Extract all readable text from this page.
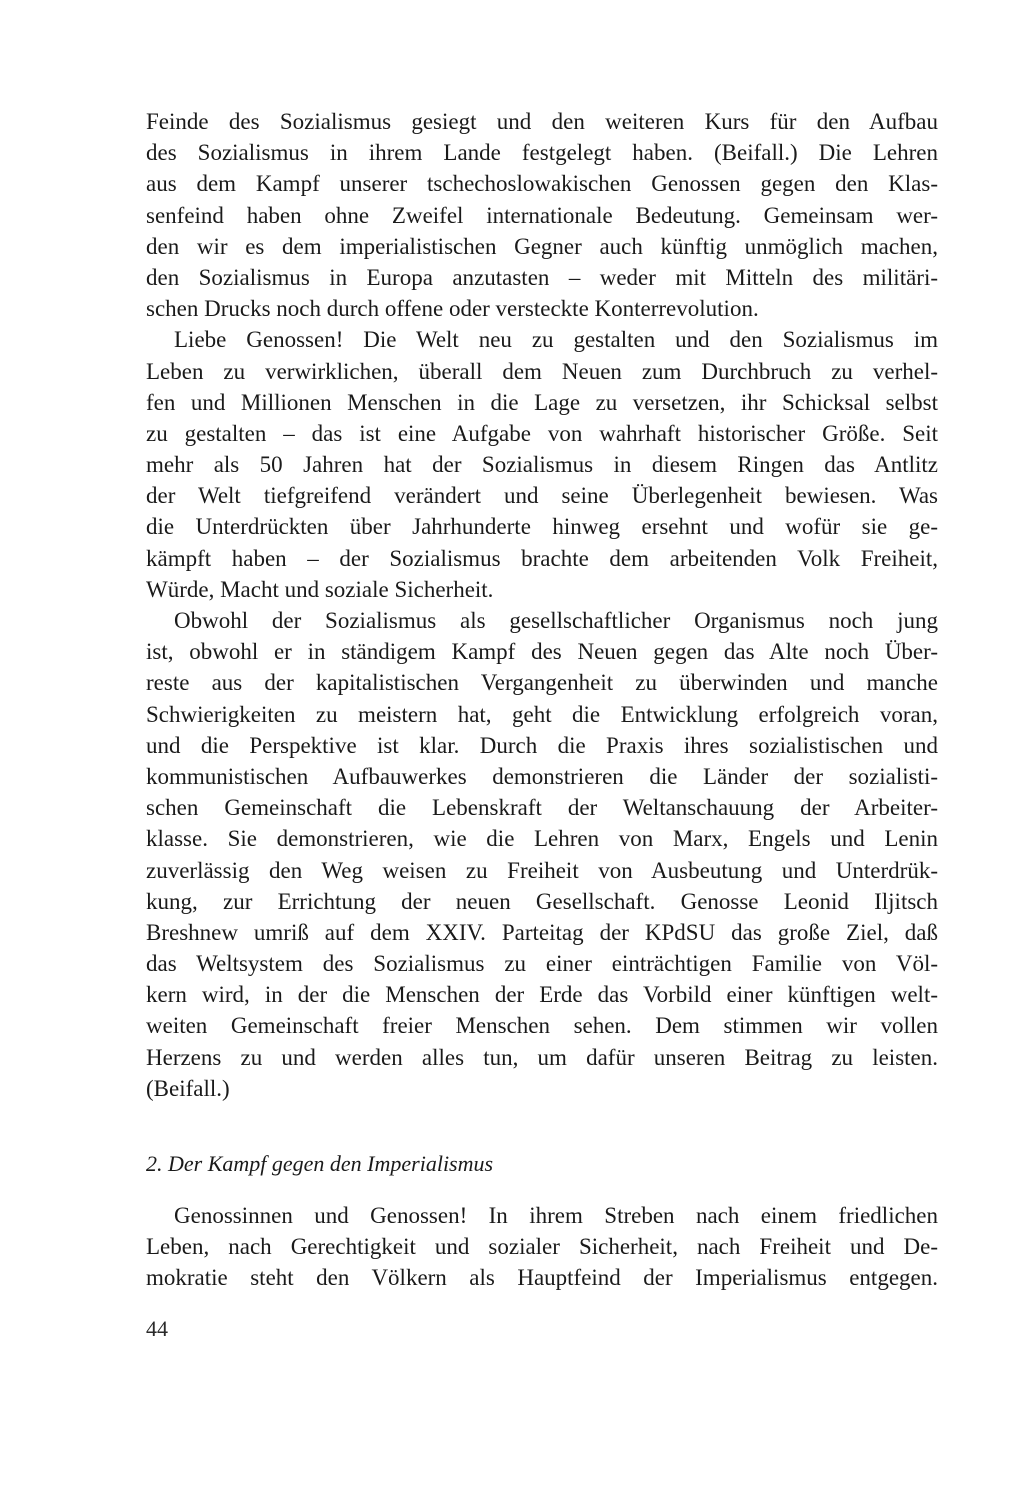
Feinde des Sozialismus gesiegt und den weiteren Kurs für den Aufbau
des Sozialismus in ihrem Lande festgelegt haben. (Beifall.) Die Lehren
aus dem Kampf unserer tschechoslowakischen Genossen gegen den Klas-
senfeind haben ohne Zweifel internationale Bedeutung. Gemeinsam wer-
den wir es dem imperialistischen Gegner auch künftig unmöglich machen,
den Sozialismus in Europa anzutasten – weder mit Mitteln des militäri-
schen Drucks noch durch offene oder versteckte Konterrevolution.
Liebe Genossen! Die Welt neu zu gestalten und den Sozialismus im
Leben zu verwirklichen, überall dem Neuen zum Durchbruch zu verhel-
fen und Millionen Menschen in die Lage zu versetzen, ihr Schicksal selbst
zu gestalten – das ist eine Aufgabe von wahrhaft historischer Größe. Seit
mehr als 50 Jahren hat der Sozialismus in diesem Ringen das Antlitz
der Welt tiefgreifend verändert und seine Überlegenheit bewiesen. Was
die Unterdrückten über Jahrhunderte hinweg ersehnt und wofür sie ge-
kämpft haben – der Sozialismus brachte dem arbeitenden Volk Freiheit,
Würde, Macht und soziale Sicherheit.
Obwohl der Sozialismus als gesellschaftlicher Organismus noch jung
ist, obwohl er in ständigem Kampf des Neuen gegen das Alte noch Über-
reste aus der kapitalistischen Vergangenheit zu überwinden und manche
Schwierigkeiten zu meistern hat, geht die Entwicklung erfolgreich voran,
und die Perspektive ist klar. Durch die Praxis ihres sozialistischen und
kommunistischen Aufbauwerkes demonstrieren die Länder der sozialisti-
schen Gemeinschaft die Lebenskraft der Weltanschauung der Arbeiter-
klasse. Sie demonstrieren, wie die Lehren von Marx, Engels und Lenin
zuverlässig den Weg weisen zu Freiheit von Ausbeutung und Unterdrük-
kung, zur Errichtung der neuen Gesellschaft. Genosse Leonid Iljitsch
Breshnew umriß auf dem XXIV. Parteitag der KPdSU das große Ziel, daß
das Weltsystem des Sozialismus zu einer einträchtigen Familie von Völ-
kern wird, in der die Menschen der Erde das Vorbild einer künftigen welt-
weiten Gemeinschaft freier Menschen sehen. Dem stimmen wir vollen
Herzens zu und werden alles tun, um dafür unseren Beitrag zu leisten.
(Beifall.)
2. Der Kampf gegen den Imperialismus
Genossinnen und Genossen! In ihrem Streben nach einem friedlichen
Leben, nach Gerechtigkeit und sozialer Sicherheit, nach Freiheit und De-
mokratie steht den Völkern als Hauptfeind der Imperialismus entgegen.
44
